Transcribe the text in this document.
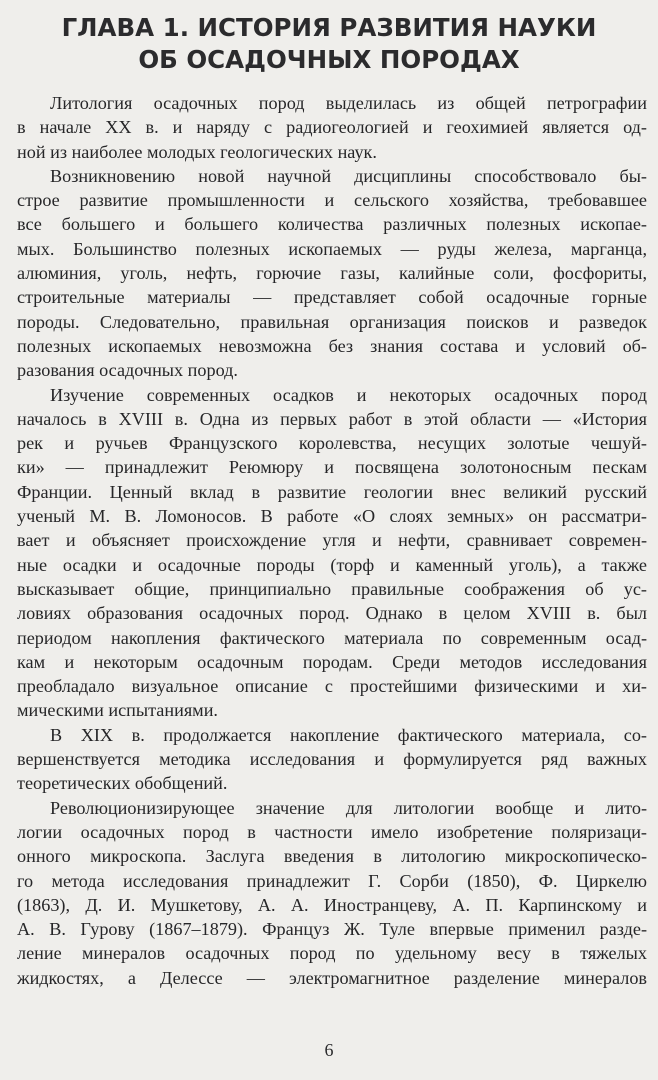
ГЛАВА 1. ИСТОРИЯ РАЗВИТИЯ НАУКИ
ОБ ОСАДОЧНЫХ ПОРОДАХ
Литология осадочных пород выделилась из общей петрографии
в начале XX в. и наряду с радиогеологией и геохимией является од-
ной из наиболее молодых геологических наук.
Возникновению новой научной дисциплины способствовало бы-
строе развитие промышленности и сельского хозяйства, требовавшее
все большего и большего количества различных полезных ископае-
мых. Большинство полезных ископаемых — руды железа, марганца,
алюминия, уголь, нефть, горючие газы, калийные соли, фосфориты,
строительные материалы — представляет собой осадочные горные
породы. Следовательно, правильная организация поисков и разведок
полезных ископаемых невозможна без знания состава и условий об-
разования осадочных пород.
Изучение современных осадков и некоторых осадочных пород
началось в XVIII в. Одна из первых работ в этой области — «История
рек и ручьев Французского королевства, несущих золотые чешуй-
ки» — принадлежит Реюмюру и посвящена золотоносным пескам
Франции. Ценный вклад в развитие геологии внес великий русский
ученый М. В. Ломоносов. В работе «О слоях земных» он рассматри-
вает и объясняет происхождение угля и нефти, сравнивает современ-
ные осадки и осадочные породы (торф и каменный уголь), а также
высказывает общие, принципиально правильные соображения об ус-
ловиях образования осадочных пород. Однако в целом XVIII в. был
периодом накопления фактического материала по современным осад-
кам и некоторым осадочным породам. Среди методов исследования
преобладало визуальное описание с простейшими физическими и хи-
мическими испытаниями.
В XIX в. продолжается накопление фактического материала, со-
вершенствуется методика исследования и формулируется ряд важных
теоретических обобщений.
Революционизирующее значение для литологии вообще и лито-
логии осадочных пород в частности имело изобретение поляризаци-
онного микроскопа. Заслуга введения в литологию микроскопическо-
го метода исследования принадлежит Г. Сорби (1850), Ф. Циркелю
(1863), Д. И. Мушкетову, А. А. Иностранцеву, А. П. Карпинскому и
А. В. Гурову (1867–1879). Француз Ж. Туле впервые применил разде-
ление минералов осадочных пород по удельному весу в тяжелых
жидкостях, а Делессе — электромагнитное разделение минералов
6
